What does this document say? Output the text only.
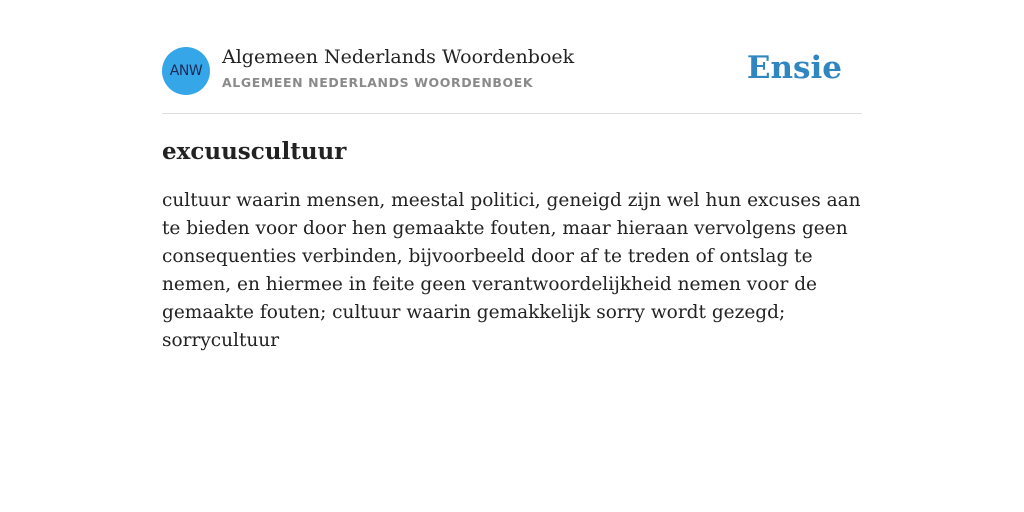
ANW
Algemeen Nederlands Woordenboek
ALGEMEEN NEDERLANDS WOORDENBOEK	Ensie
excuuscultuur

cultuur waarin mensen, meestal politici, geneigd zijn wel hun excuses aan te bieden voor door hen gemaakte fouten, maar hieraan vervolgens geen consequenties verbinden, bijvoorbeeld door af te treden of ontslag te nemen, en hiermee in feite geen verantwoordelijkheid nemen voor de gemaakte fouten; cultuur waarin gemakkelijk sorry wordt gezegd; sorrycultuur
